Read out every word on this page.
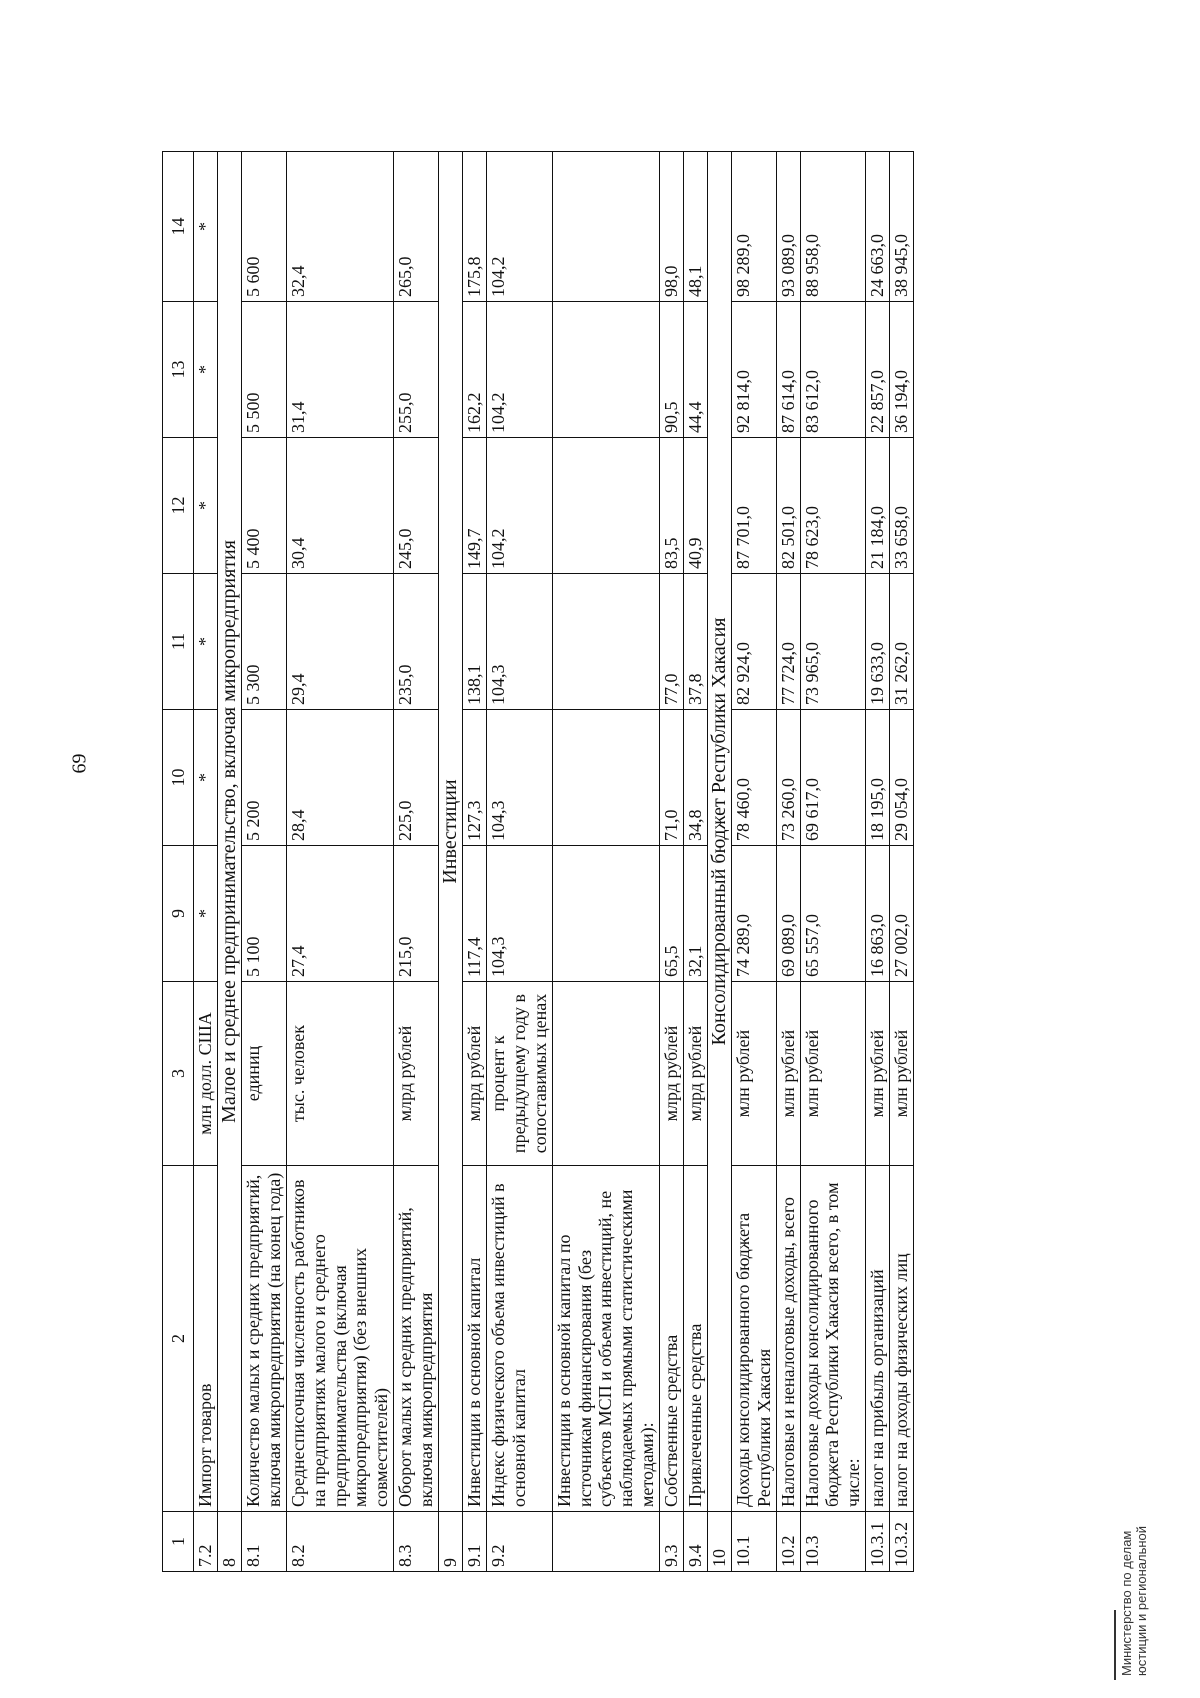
69
1	2	3	9	10	11	12	13	14
7.2	Импорт товаров	млн долл. США	*	*	*	*	*	*
8	Малое и среднее предпринимательство, включая микропредприятия							
8.1	Количество малых и средних предприятий, включая микропредприятия (на конец года)	единиц	5 100	5 200	5 300	5 400	5 500	5 600
8.2	Среднесписочная численность работников на предприятиях малого и среднего предпринимательства (включая микропредприятия) (без внешних совместителей)	тыс. человек	27,4	28,4	29,4	30,4	31,4	32,4
8.3	Оборот малых и средних предприятий, включая микропредприятия	млрд рублей	215,0	225,0	235,0	245,0	255,0	265,0
9	Инвестиции							
9.1	Инвестиции в основной капитал	млрд рублей	117,4	127,3	138,1	149,7	162,2	175,8
9.2	Индекс физического объема инвестиций в основной капитал	процент к предыдущему году в сопоставимых ценах	104,3	104,3	104,3	104,2	104,2	104,2
	Инвестиции в основной капитал по источникам финансирования (без субъектов МСП и объема инвестиций, не наблюдаемых прямыми статистическими методами):							
9.3	Собственные средства	млрд рублей	65,5	71,0	77,0	83,5	90,5	98,0
9.4	Привлеченные средства	млрд рублей	32,1	34,8	37,8	40,9	44,4	48,1
10	Консолидированный бюджет Республики Хакасия							
10.1	Доходы консолидированного бюджета Республики Хакасия	млн рублей	74 289,0	78 460,0	82 924,0	87 701,0	92 814,0	98 289,0
10.2	Налоговые и неналоговые доходы, всего	млн рублей	69 089,0	73 260,0	77 724,0	82 501,0	87 614,0	93 089,0
10.3	Налоговые доходы консолидированного бюджета Республики Хакасия всего, в том числе:	млн рублей	65 557,0	69 617,0	73 965,0	78 623,0	83 612,0	88 958,0
10.3.1	налог на прибыль организаций	млн рублей	16 863,0	18 195,0	19 633,0	21 184,0	22 857,0	24 663,0
10.3.2	налог на доходы физических лиц	млн рублей	27 002,0	29 054,0	31 262,0	33 658,0	36 194,0	38 945,0
Министерство по делам юстиции и региональной
